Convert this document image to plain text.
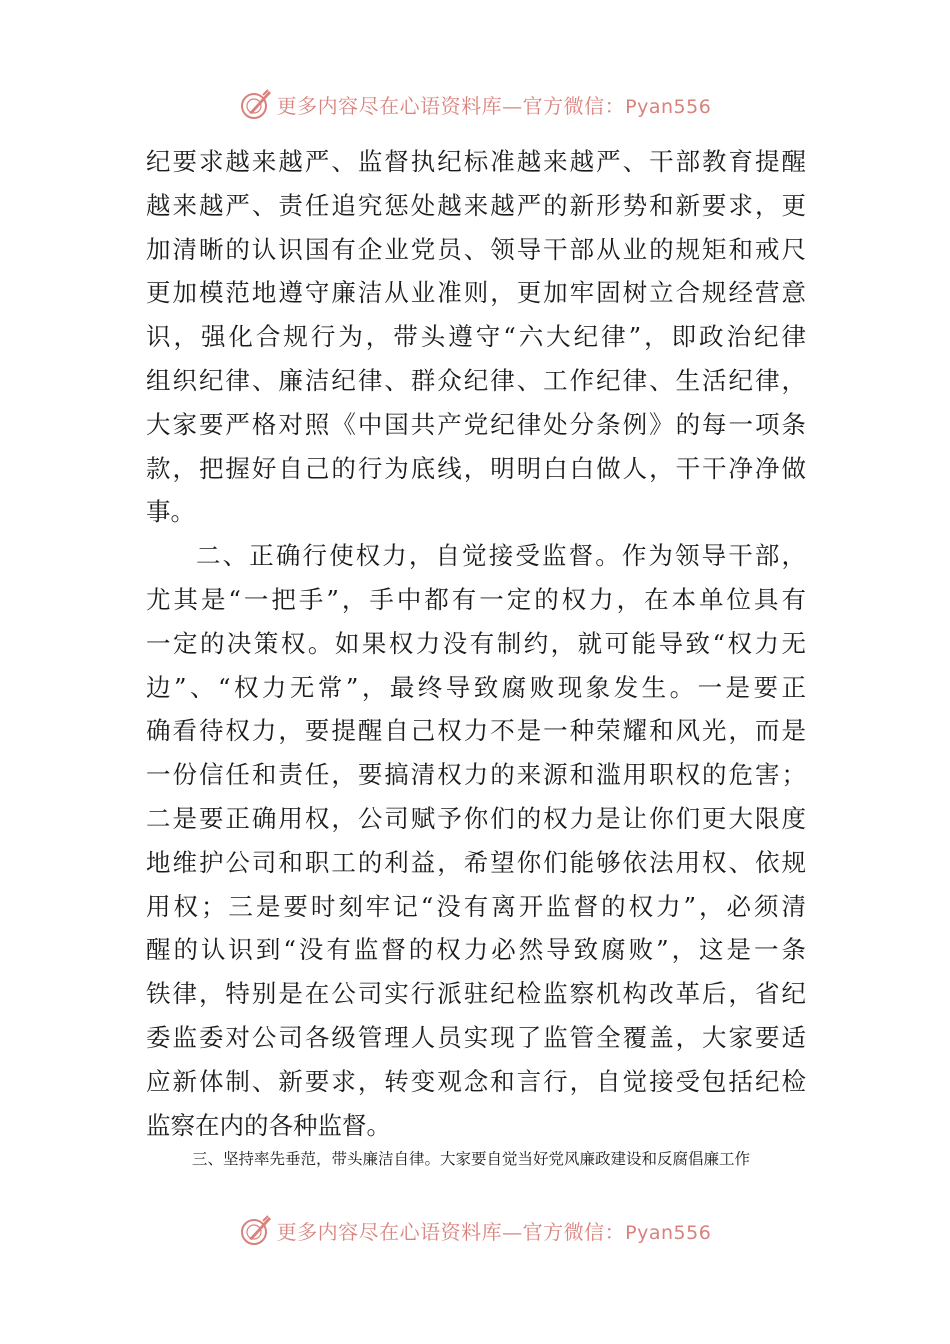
更多内容尽在心语资料库—官方微信：Pyan556
纪要求越来越严、监督执纪标准越来越严、干部教育提醒
越来越严、责任追究惩处越来越严的新形势和新要求，更
加清晰的认识国有企业党员、领导干部从业的规矩和戒尺
更加模范地遵守廉洁从业准则，更加牢固树立合规经营意
识，强化合规行为，带头遵守“六大纪律”，即政治纪律
组织纪律、廉洁纪律、群众纪律、工作纪律、生活纪律，
大家要严格对照《中国共产党纪律处分条例》的每一项条
款，把握好自己的行为底线，明明白白做人，干干净净做
事。
二、正确行使权力，自觉接受监督。作为领导干部，
尤其是“一把手”，手中都有一定的权力，在本单位具有
一定的决策权。如果权力没有制约，就可能导致“权力无
边”、“权力无常”，最终导致腐败现象发生。一是要正
确看待权力，要提醒自己权力不是一种荣耀和风光，而是
一份信任和责任，要搞清权力的来源和滥用职权的危害；
二是要正确用权，公司赋予你们的权力是让你们更大限度
地维护公司和职工的利益，希望你们能够依法用权、依规
用权；三是要时刻牢记“没有离开监督的权力”，必须清
醒的认识到“没有监督的权力必然导致腐败”，这是一条
铁律，特别是在公司实行派驻纪检监察机构改革后，省纪
委监委对公司各级管理人员实现了监管全覆盖，大家要适
应新体制、新要求，转变观念和言行，自觉接受包括纪检
监察在内的各种监督。
三、坚持率先垂范，带头廉洁自律。大家要自觉当好党风廉政建设和反腐倡廉工作
更多内容尽在心语资料库—官方微信：Pyan556
